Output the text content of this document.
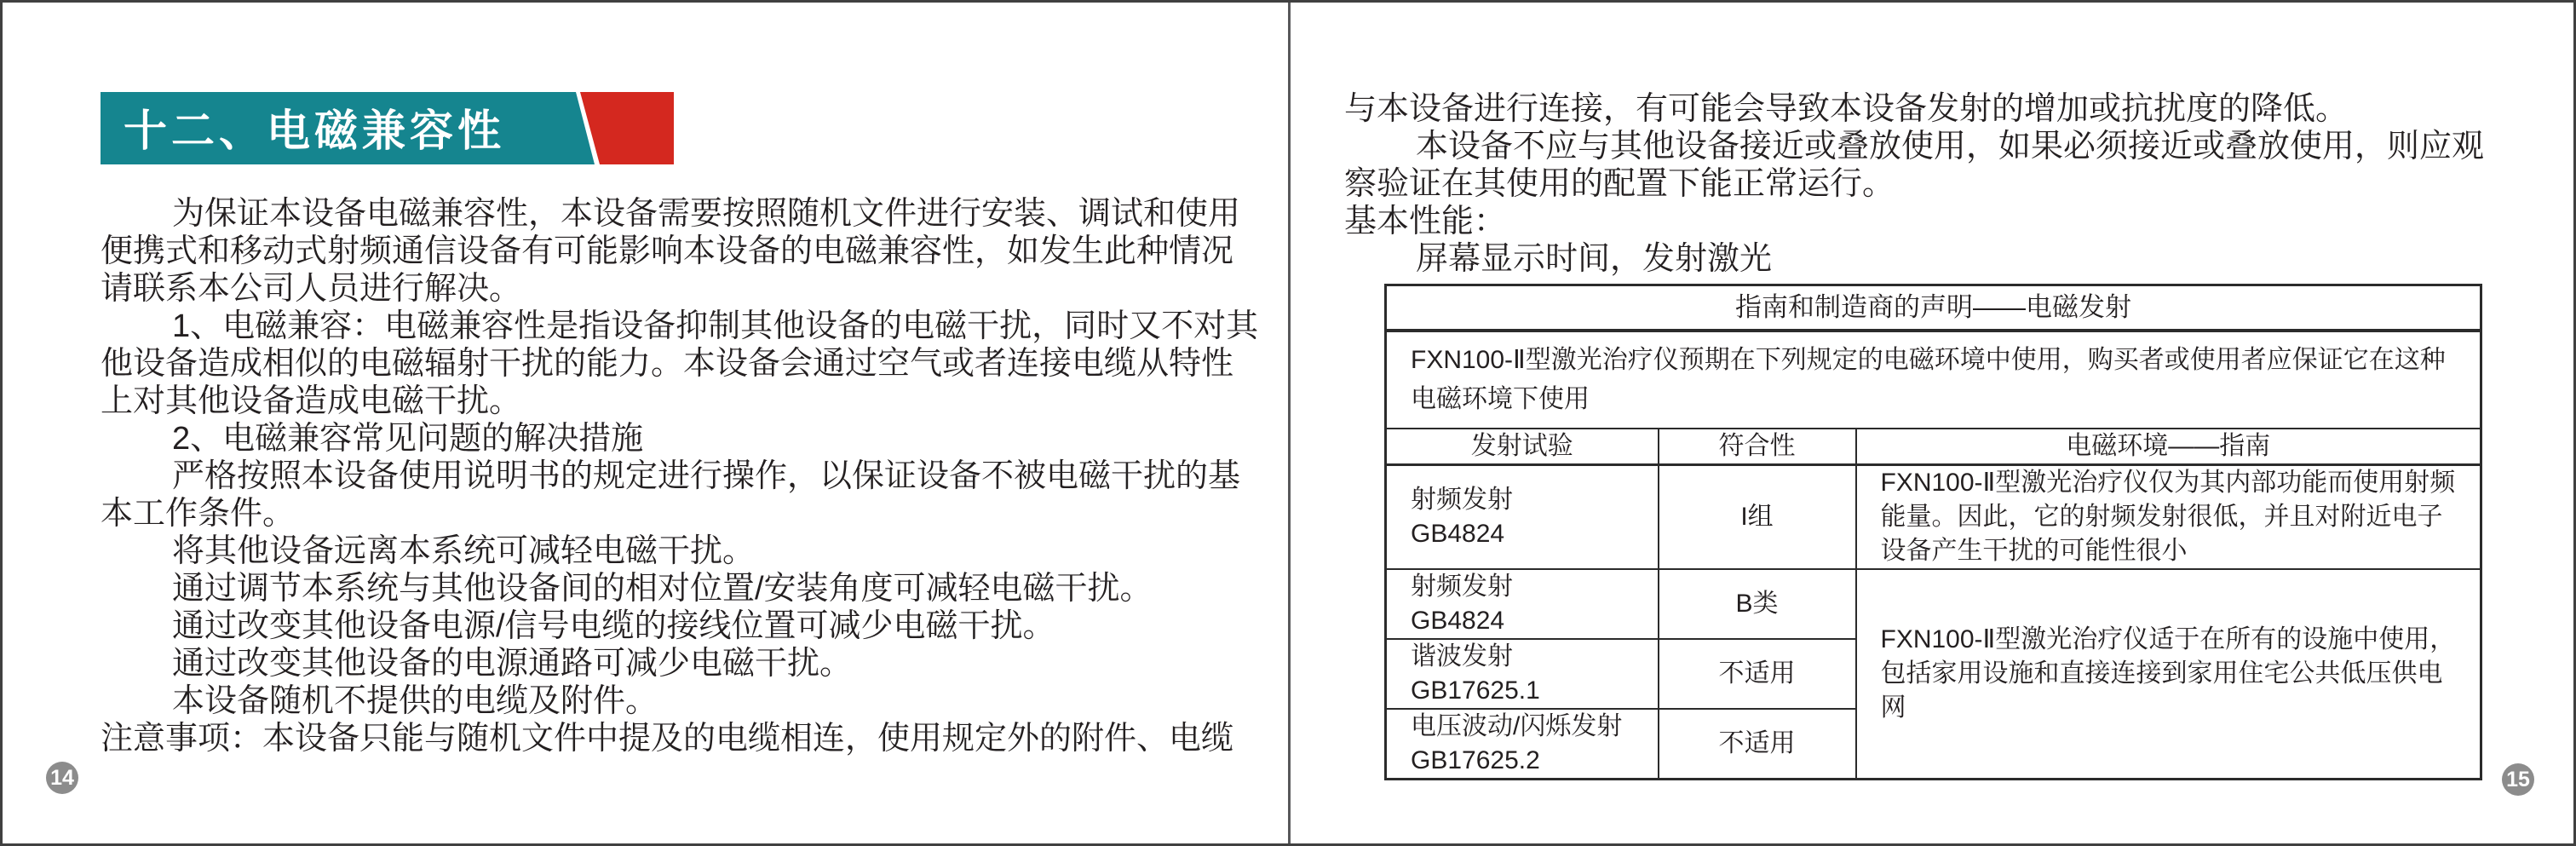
十二、电磁兼容性
为保证本设备电磁兼容性，本设备需要按照随机文件进行安装、调试和使用
便携式和移动式射频通信设备有可能影响本设备的电磁兼容性，如发生此种情况
请联系本公司人员进行解决。
1、电磁兼容：电磁兼容性是指设备抑制其他设备的电磁干扰，同时又不对其
他设备造成相似的电磁辐射干扰的能力。本设备会通过空气或者连接电缆从特性
上对其他设备造成电磁干扰。
2、电磁兼容常见问题的解决措施
严格按照本设备使用说明书的规定进行操作，以保证设备不被电磁干扰的基
本工作条件。
将其他设备远离本系统可减轻电磁干扰。
通过调节本系统与其他设备间的相对位置/安装角度可减轻电磁干扰。
通过改变其他设备电源/信号电缆的接线位置可减少电磁干扰。
通过改变其他设备的电源通路可减少电磁干扰。
本设备随机不提供的电缆及附件。
注意事项：本设备只能与随机文件中提及的电缆相连，使用规定外的附件、电缆
14
与本设备进行连接，有可能会导致本设备发射的增加或抗扰度的降低。
本设备不应与其他设备接近或叠放使用，如果必须接近或叠放使用，则应观
察验证在其使用的配置下能正常运行。
基本性能：
屏幕显示时间，发射激光
指南和制造商的声明——电磁发射		
FXN100-Ⅱ型激光治疗仪预期在下列规定的电磁环境中使用，购买者或使用者应保证它在这种电磁环境下使用		
发射试验	符合性	电磁环境——指南

射频发射
GB4824	I组	FXN100-Ⅱ型激光治疗仪仅为其内部功能而使用射频能量。因此，它的射频发射很低，并且对附近电子设备产生干扰的可能性很小

射频发射
GB4824	B类	FXN100-Ⅱ型激光治疗仪适于在所有的设施中使用，包括家用设施和直接连接到家用住宅公共低压供电网

谐波发射
GB17625.1	不适用	

电压波动/闪烁发射
GB17625.2	不适用	
15
